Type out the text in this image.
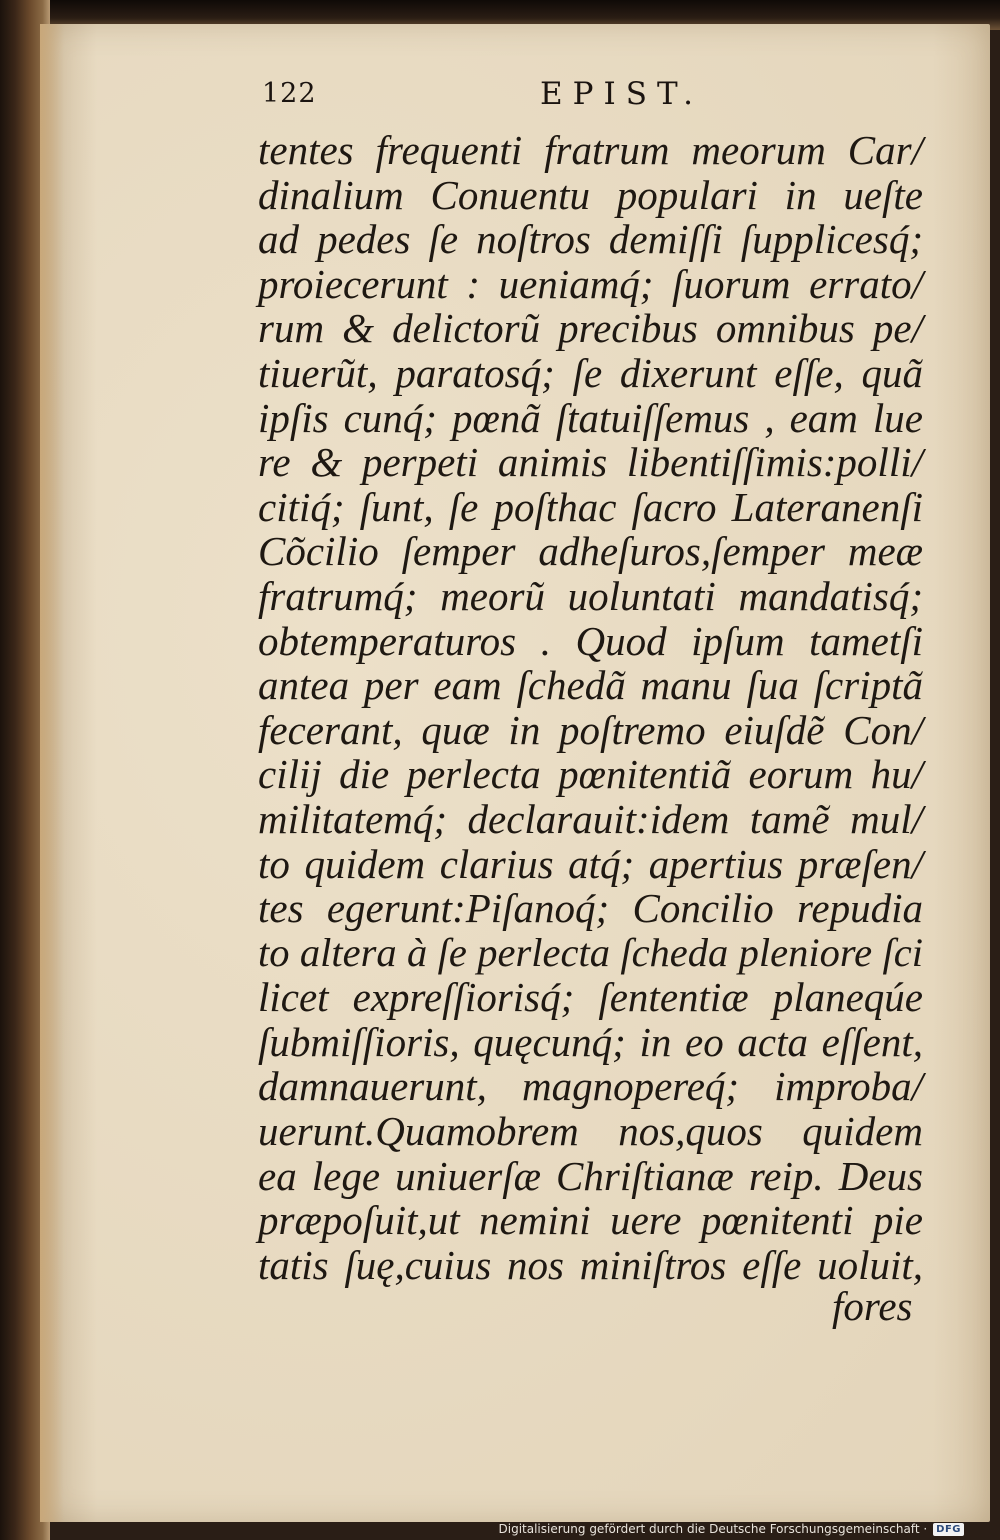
122	EPIST.
tentes frequenti fratrum meorum Car/
dinalium Conuentu populari in ueſte
ad pedes ſe noſtros demiſſi ſupplicesq́;
proiecerunt : ueniamq́; ſuorum errato/
rum & delictorũ precibus omnibus pe/
tiuerũt, paratosq́; ſe dixerunt eſſe, quã
ipſis cunq́; pœnã ſtatuiſſemus , eam lue
re & perpeti animis libentiſſimis:polli/
citiq́; ſunt, ſe poſthac ſacro Lateranenſi
Cõcilio ſemper adheſuros,ſemper meæ
fratrumq́; meorũ uoluntati mandatisq́;
obtemperaturos . Quod ipſum tametſi
antea per eam ſchedã manu ſua ſcriptã
fecerant, quæ in poſtremo eiuſdẽ Con/
cilij die perlecta pœnitentiã eorum hu/
militatemq́; declarauit:idem tamẽ mul/
to quidem clarius atq́; apertius præſen/
tes egerunt:Piſanoq́; Concilio repudia
to altera à ſe perlecta ſcheda pleniore ſci
licet expreſſiorisq́; ſententiæ planeqúe
ſubmiſſioris, quęcunq́; in eo acta eſſent,
damnauerunt, magnopereq́; improba/
uerunt.Quamobrem nos,quos quidem
ea lege uniuerſæ Chriſtianæ reip. Deus
præpoſuit,ut nemini uere pœnitenti pie
tatis ſuę,cuius nos miniſtros eſſe uoluit,
fores
Digitalisierung gefördert durch die Deutsche Forschungsgemeinschaft · DFG
